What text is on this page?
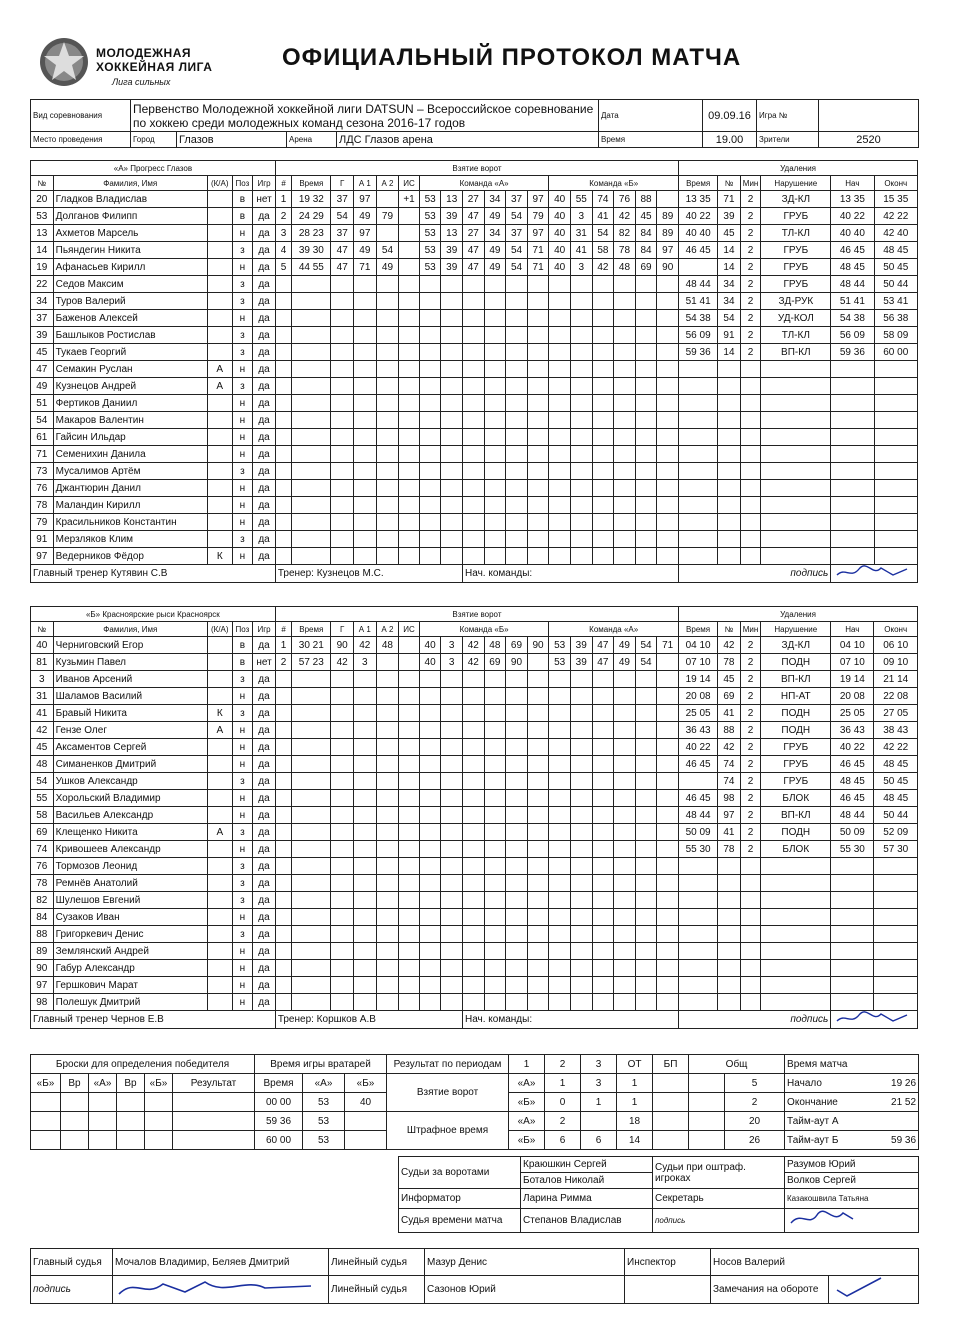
МОЛОДЕЖНАЯ
ХОККЕЙНАЯ ЛИГА
Лига сильных
ОФИЦИАЛЬНЫЙ ПРОТОКОЛ МАТЧА
Вид соревнования	Первенство Молодежной хоккейной лиги DATSUN – Всероссийское соревнование по хоккею среди молодежных команд сезона 2016-17 годов				Дата	09.09.16	Игра №	
Место проведения	Город	Глазов	Арена	ЛДС Глазов арена	Время	19.00	Зрители	2520
«А» Прогресс Глазов					Взятие ворот																		Удаления					
№	Фамилия, Имя	(К/А)	Поз	Игр	#	Время	Г	А 1	А 2	ИС	Команда «А»						Команда «Б»						Время	№	Мин	Нарушение	Нач	Оконч
20	Гладков Владислав		в	нет	1	19 32	37	97		+1	53	13	27	34	37	97	40	55	74	76	88		13 35	71	2	ЗД-КЛ	13 35	15 35
53	Долганов Филипп		в	да	2	24 29	54	49	79		53	39	47	49	54	79	40	3	41	42	45	89	40 22	39	2	ГРУБ	40 22	42 22
13	Ахметов Марсель		н	да	3	28 23	37	97			53	13	27	34	37	97	40	31	54	82	84	89	40 40	45	2	ТЛ-КЛ	40 40	42 40
14	Пьяндегин Никита		з	да	4	39 30	47	49	54		53	39	47	49	54	71	40	41	58	78	84	97	46 45	14	2	ГРУБ	46 45	48 45
19	Афанасьев Кирилл		н	да	5	44 55	47	71	49		53	39	47	49	54	71	40	3	42	48	69	90		14	2	ГРУБ	48 45	50 45
22	Седов Максим		з	да																			48 44	34	2	ГРУБ	48 44	50 44
34	Туров Валерий		з	да																			51 41	34	2	ЗД-РУК	51 41	53 41
37	Баженов Алексей		н	да																			54 38	54	2	УД-КОЛ	54 38	56 38
39	Башлыков Ростислав		з	да																			56 09	91	2	ТЛ-КЛ	56 09	58 09
45	Тукаев Георгий		з	да																			59 36	14	2	ВП-КЛ	59 36	60 00
47	Семакин Руслан	А	н	да																								
49	Кузнецов Андрей	А	з	да																								
51	Фертиков Даниил		н	да																								
54	Макаров Валентин		н	да																								
61	Гайсин Ильдар		н	да																								
71	Семенихин Данила		н	да																								
73	Мусалимов Артём		з	да																								
76	Джантюрин Данил		н	да																								
78	Маландин Кирилл		н	да																								
79	Красильников Константин		н	да																								
91	Мерзляков Клим		з	да																								
97	Ведерников Фёдор	К	н	да																								
Главный тренер Кутявин С.В					Тренер: Кузнецов М.С.								Нач. команды:										подпись	
«Б» Красноярские рыси Красноярск					Взятие ворот																		Удаления					
№	Фамилия, Имя	(К/А)	Поз	Игр	#	Время	Г	А 1	А 2	ИС	Команда «Б»						Команда «А»						Время	№	Мин	Нарушение	Нач	Оконч
40	Черниговский Егор		в	да	1	30 21	90	42	48		40	3	42	48	69	90	53	39	47	49	54	71	04 10	42	2	ЗД-КЛ	04 10	06 10
81	Кузьмин Павел		в	нет	2	57 23	42	3			40	3	42	69	90		53	39	47	49	54		07 10	78	2	ПОДН	07 10	09 10
3	Иванов Арсений		з	да																			19 14	45	2	ВП-КЛ	19 14	21 14
31	Шаламов Василий		н	да																			20 08	69	2	НП-АТ	20 08	22 08
41	Бравый Никита	К	з	да																			25 05	41	2	ПОДН	25 05	27 05
42	Гензе Олег	А	н	да																			36 43	88	2	ПОДН	36 43	38 43
45	Аксаментов Сергей		н	да																			40 22	42	2	ГРУБ	40 22	42 22
48	Симаненков Дмитрий		н	да																			46 45	74	2	ГРУБ	46 45	48 45
54	Ушков Александр		з	да																				74	2	ГРУБ	48 45	50 45
55	Хорольский Владимир		н	да																			46 45	98	2	БЛОК	46 45	48 45
58	Васильев Александр		н	да																			48 44	97	2	ВП-КЛ	48 44	50 44
69	Клещенко Никита	А	з	да																			50 09	41	2	ПОДН	50 09	52 09
74	Кривошеев Александр		н	да																			55 30	78	2	БЛОК	55 30	57 30
76	Тормозов Леонид		з	да																								
78	Ремнёв Анатолий		з	да																								
82	Шулешов Евгений		з	да																								
84	Сузаков Иван		н	да																								
88	Григоркевич Денис		з	да																								
89	Землянский Андрей		н	да																								
90	Габур Александр		н	да																								
97	Гершкович Марат		н	да																								
98	Полешук Дмитрий		н	да																								
Главный тренер Чернов Е.В					Тренер: Коршков А.В								Нач. команды:										подпись	
Броски для определения победителя						Время игры вратарей			Результат по периодам	1	2	3	ОТ	БП	Общ		Время матча
«Б»	Вр	«А»	Вр	«Б»	Результат	Время	«А»	«Б»	Взятие ворот	«А»	1	3	1			5	Начало 19 26

						00 00	53	40		«Б»	0	1	1			2	Окончание 21 52

						59 36	53		Штрафное время	«А»	2		18			20	Тайм-аут А

						60 00	53			«Б»	6	6	14			26	Тайм-аут Б 59 36
Судьи за воротами	Краюшкин Сергей	Судьи при оштраф. игроках	Разумов Юрий
	Боталов Николай		Волков Сергей
Информатор	Ларина Римма	Секретарь	Казакошвила Татьяна
Судья времени матча	Степанов Владислав	подпись	
Главный судья	Мочалов Владимир, Беляев Дмитрий	Линейный судья	Мазур Денис	Инспектор	Носов Валерий	
подпись		Линейный судья	Сазонов Юрий		Замечания на обороте	
